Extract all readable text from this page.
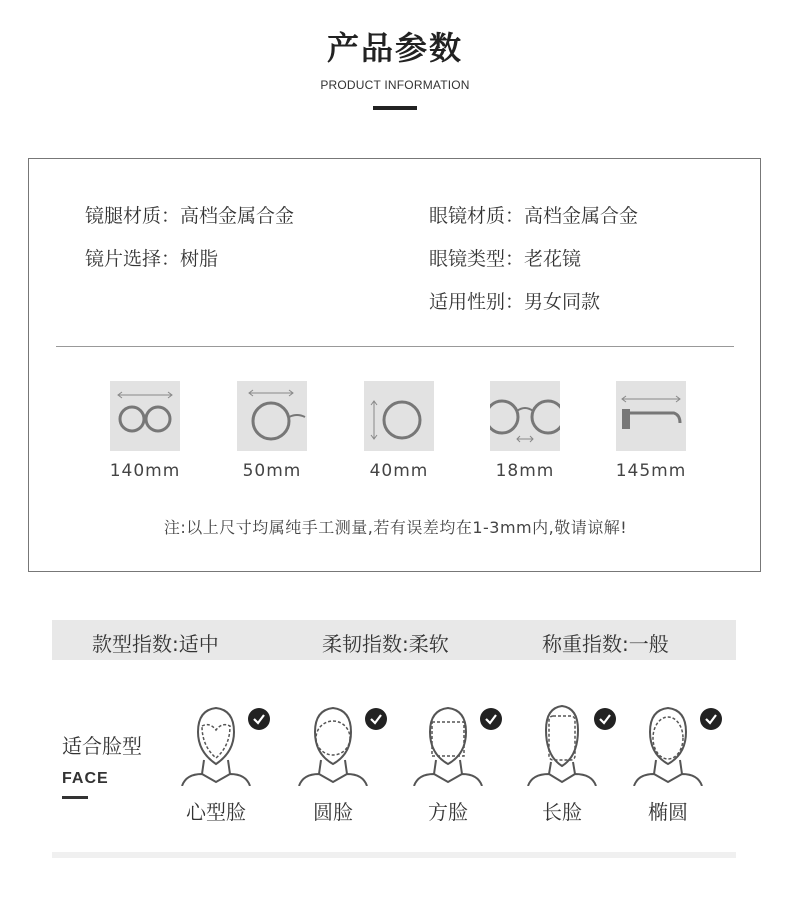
产品参数
PRODUCT INFORMATION
镜腿材质：高档金属合金
镜片选择：树脂
眼镜材质：高档金属合金
眼镜类型：老花镜
适用性别：男女同款
140mm	50mm	40mm	18mm	145mm
注:以上尺寸均属纯手工测量,若有误差均在1-3mm内,敬请谅解!
款型指数:适中	柔韧指数:柔软	称重指数:一般
适合脸型
FACE
心型脸	圆脸	方脸	长脸	椭圆
